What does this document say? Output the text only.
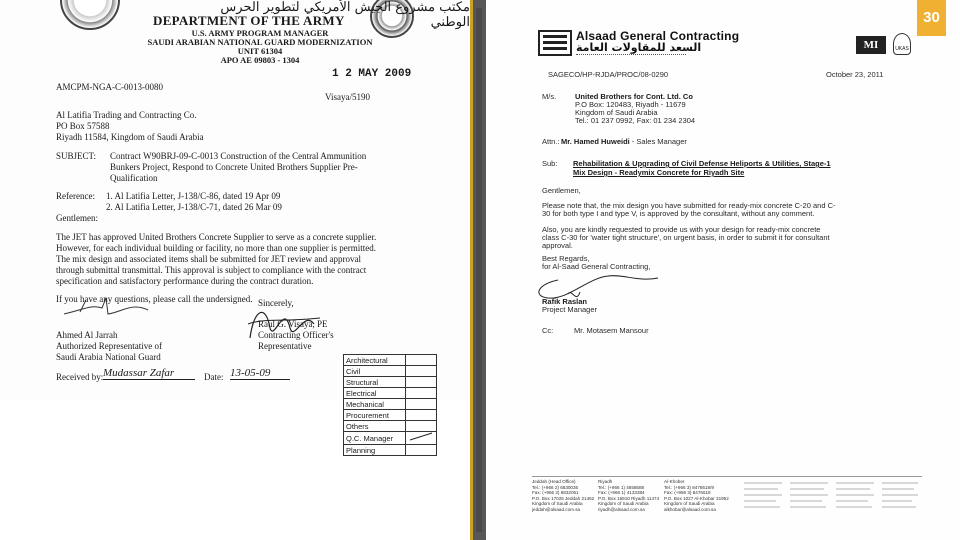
مكتب مشروع الجيش الأمريكي لتطوير الحرس الوطني
DEPARTMENT OF THE ARMY
U.S. ARMY PROGRAM MANAGER
SAUDI ARABIAN NATIONAL GUARD MODERNIZATION
UNIT 61304
APO AE 09803 - 1304
AMCPM-NGA-C-0013-0080
1 2 MAY 2009
Visaya/5190
Al Latifia Trading and Contracting Co.
PO Box 57588
Riyadh 11584, Kingdom of Saudi Arabia
SUBJECT: Contract W90BRJ-09-C-0013 Construction of the Central Ammunition
Bunkers Project, Respond to Concrete United Brothers Supplier Pre-
Qualification
Reference: 1. Al Latifia Letter, J-138/C-86, dated 19 Apr 09
2. Al Latifia Letter, J-138/C-71, dated 26 Mar 09
Gentlemen:
The JET has approved United Brothers Concrete Supplier to serve as a concrete supplier.
However, for each individual building or facility, no more than one supplier is permitted.
The mix design and associated items shall be submitted for JET review and approval
through submittal transmittal. This approval is subject to compliance with the contract
specification and satisfactory performance during the contract duration.
If you have any questions, please call the undersigned.
Ahmed Al Jarrah
Authorized Representative of
Saudi Arabia National Guard
Sincerely,
Raul G. Visaya, PE
Contracting Officer's
Representative
Received by: Mudassar Zafar	Date: 13-05-09
Architectural	
Civil	
Structural	
Electrical	
Mechanical	
Procurement	
Others	
Q.C. Manager	
Planning	
Alsaad General Contracting
السعد للمقاولات العامة	MI	UKAS
30
SAGECO/HP-RJDA/PROC/08-0290	October 23, 2011
M/s.	United Brothers for Cont. Ltd. Co
P.O Box: 120483, Riyadh - 11679
Kingdom of Saudi Arabia
Tel.: 01 237 0992, Fax: 01 234 2304
Attn.: Mr. Hamed Huweidi - Sales Manager
Sub: Rehabilitation & Upgrading of Civil Defense Heliports & Utilities, Stage-1
Mix Design - Readymix Concrete for Riyadh Site
Gentlemen,
Please note that, the mix design you have submitted for ready-mix concrete C-20 and C-
30 for both type I and type V, is approved by the consultant, without any comment.
Also, you are kindly requested to provide us with your design for ready-mix concrete
class C-30 for 'water tight structure', on urgent basis, in order to submit it for consultant
approval.
Best Regards,
for Al-Saad General Contracting,
Rafik Raslan
Project Manager
Cc:	Mr. Motasem Mansour
Jeddah (Head Office)
Tel.: (+966 2) 6830035
Fax: (+966 2) 6832051
P.O. Box 17025 Jeddah 21462
Kingdom of Saudi Arabia
jeddah@alsaad.com.sa
Riyadh
Tel.: (+966 1) 4658588
Fax: (+966 1) 4133384
P.O. Box 16910 Riyadh 11474
Kingdom of Saudi Arabia
riyadh@alsaad.com.sa
Al-Khober
Tel.: (+966 3) 8476618/9
Fax: (+966 3) 8476618
P.O. Box 1027 Al-Khobar 31952
Kingdom of Saudi Arabia
alkhobar@alsaad.com.sa
